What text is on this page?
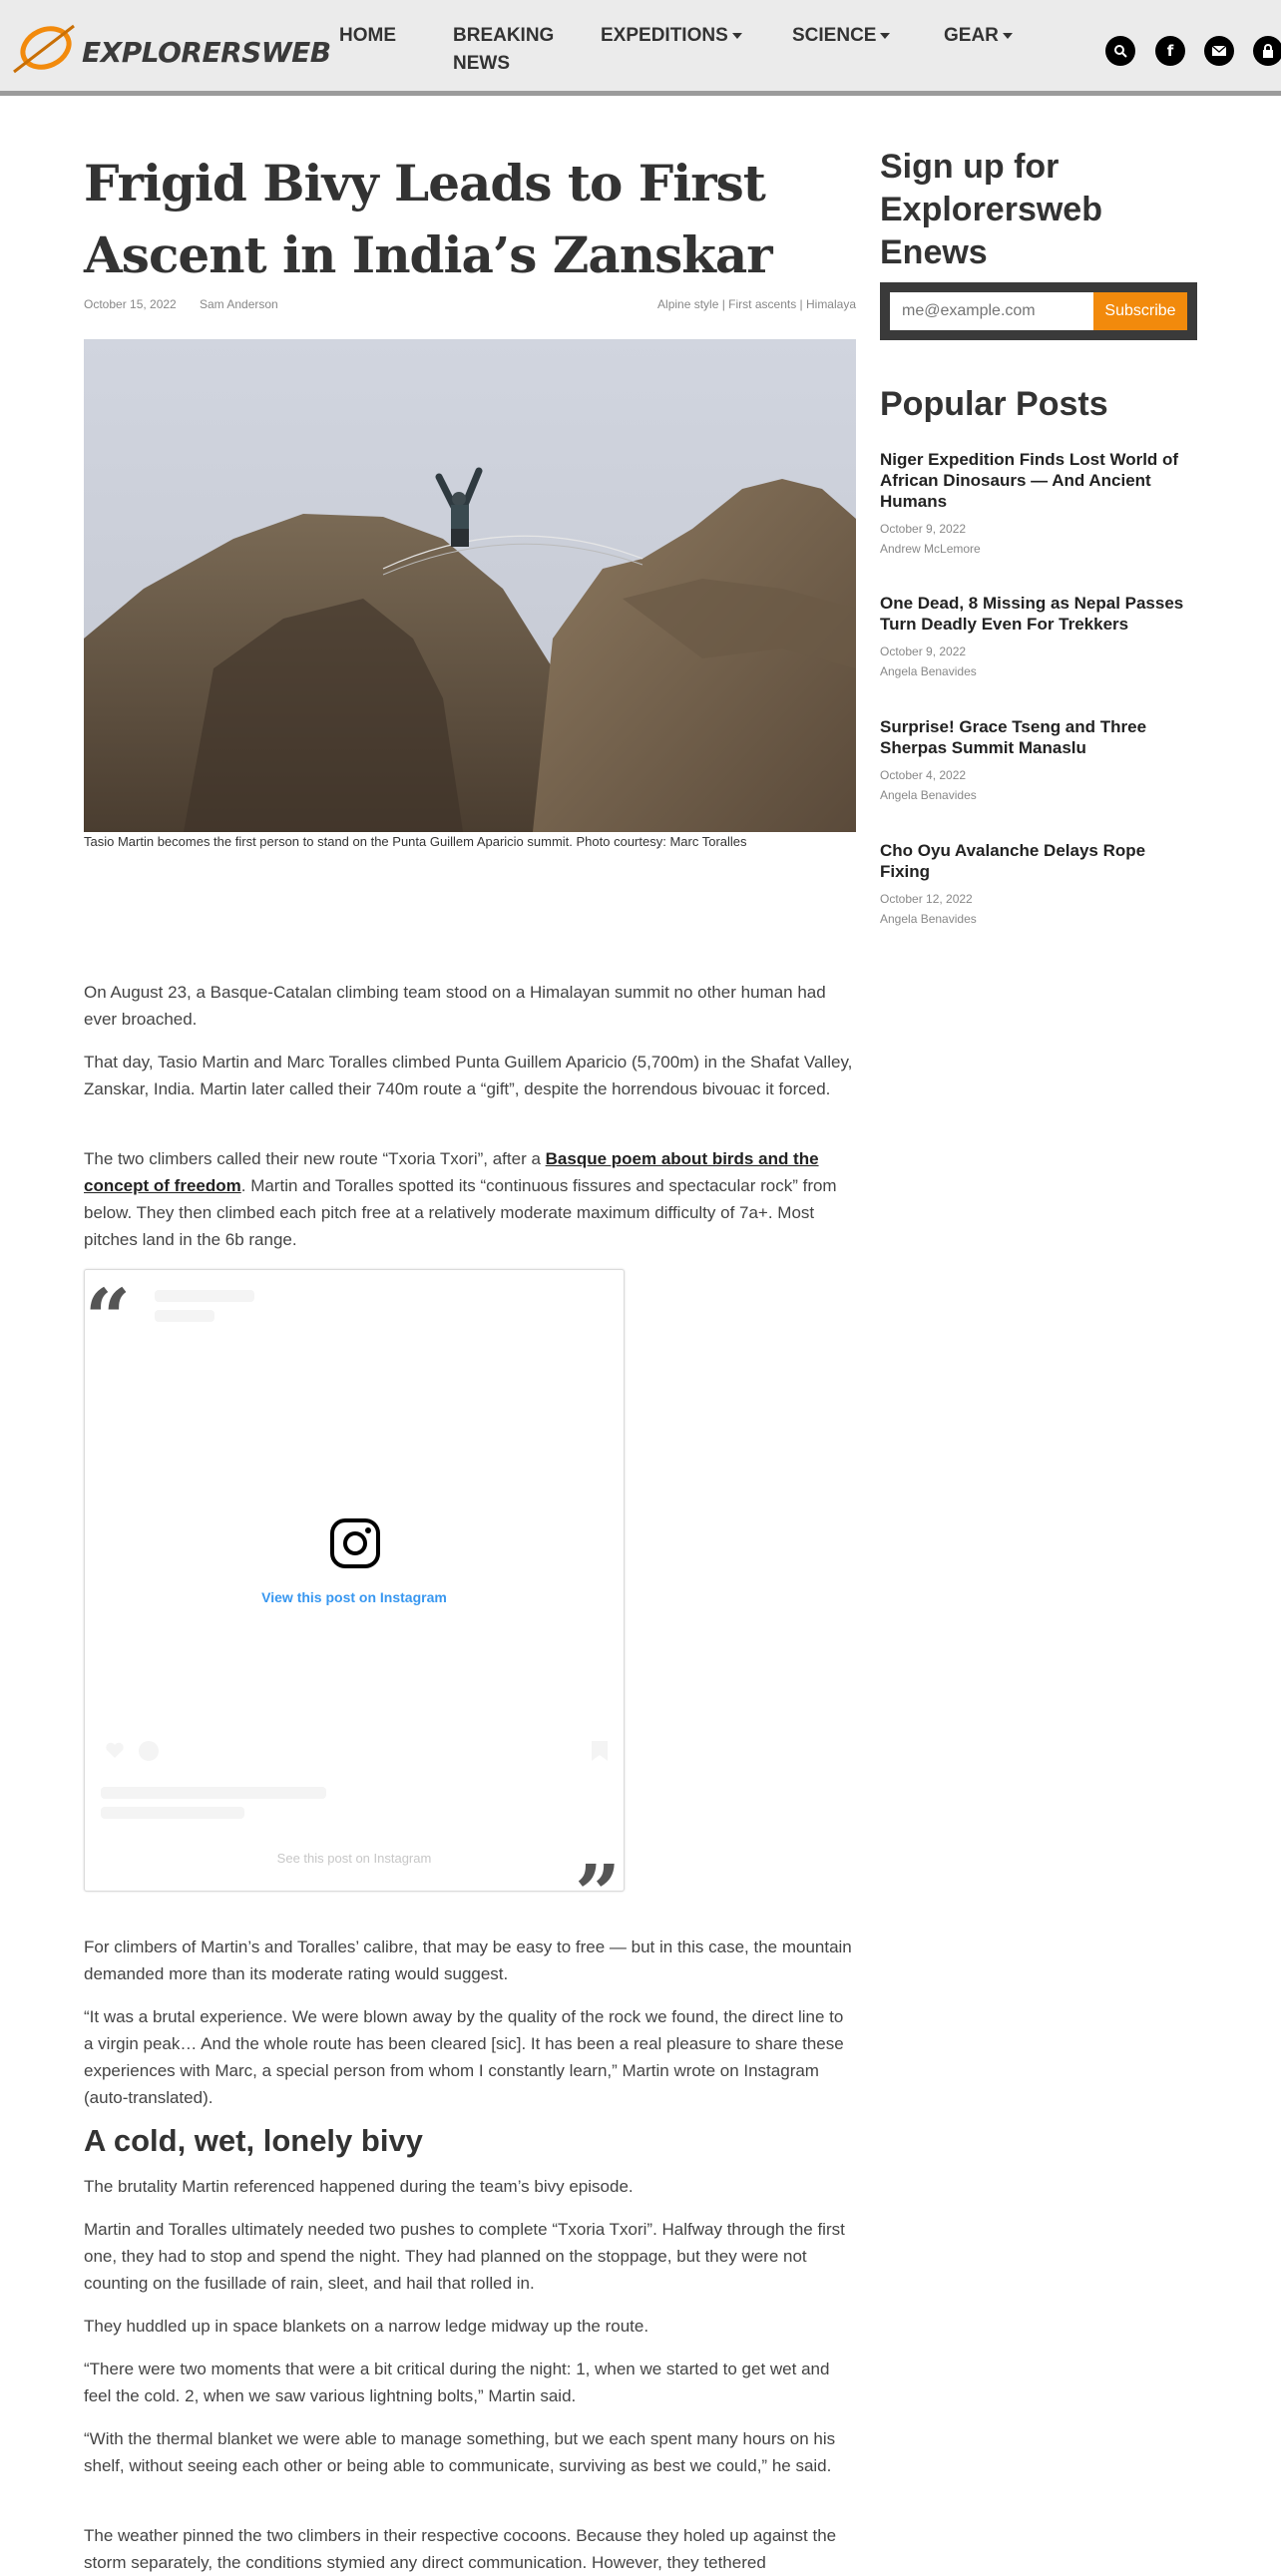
EXPLORERSWEB
HOME	BREAKING NEWS
EXPEDITIONS	SCIENCE	GEAR
f
Frigid Bivy Leads to First Ascent in India’s Zanskar
October 15, 2022 Sam Anderson	Alpine style | First ascents | Himalaya
Tasio Martin becomes the first person to stand on the Punta Guillem Aparicio summit. Photo courtesy: Marc Toralles

On August 23, a Basque-Catalan climbing team stood on a Himalayan summit no other human had ever broached.

That day, Tasio Martin and Marc Toralles climbed Punta Guillem Aparicio (5,700m) in the Shafat Valley, Zanskar, India. Martin later called their 740m route a “gift”, despite the horrendous bivouac it forced.

The two climbers called their new route “Txoria Txori”, after a Basque poem about birds and the concept of freedom. Martin and Toralles spotted its “continuous fissures and spectacular rock” from below. They then climbed each pitch free at a relatively moderate maximum difficulty of 7a+. Most pitches land in the 6b range.

“
View this post on Instagram
See this post on Instagram	”

For climbers of Martin’s and Toralles’ calibre, that may be easy to free — but in this case, the mountain demanded more than its moderate rating would suggest.

“It was a brutal experience. We were blown away by the quality of the rock we found, the direct line to a virgin peak… And the whole route has been cleared [sic]. It has been a real pleasure to share these experiences with Marc, a special person from whom I constantly learn,” Martin wrote on Instagram (auto-translated).

A cold, wet, lonely bivy

The brutality Martin referenced happened during the team’s bivy episode.

Martin and Toralles ultimately needed two pushes to complete “Txoria Txori”. Halfway through the first one, they had to stop and spend the night. They had planned on the stoppage, but they were not counting on the fusillade of rain, sleet, and hail that rolled in.

They huddled up in space blankets on a narrow ledge midway up the route.

“There were two moments that were a bit critical during the night: 1, when we started to get wet and feel the cold. 2, when we saw various lightning bolts,” Martin said.

“With the thermal blanket we were able to manage something, but we each spent many hours on his shelf, without seeing each other or being able to communicate, surviving as best we could,” he said.

The weather pinned the two climbers in their respective cocoons. Because they holed up against the storm separately, the conditions stymied any direct communication. However, they tethered

Sign up for Explorersweb Enews
me@example.com
Subscribe
Popular Posts
Niger Expedition Finds Lost World of African Dinosaurs — And Ancient Humans
October 9, 2022
Andrew McLemore
One Dead, 8 Missing as Nepal Passes Turn Deadly Even For Trekkers
October 9, 2022
Angela Benavides
Surprise! Grace Tseng and Three Sherpas Summit Manaslu
October 4, 2022
Angela Benavides
Cho Oyu Avalanche Delays Rope Fixing
October 12, 2022
Angela Benavides
